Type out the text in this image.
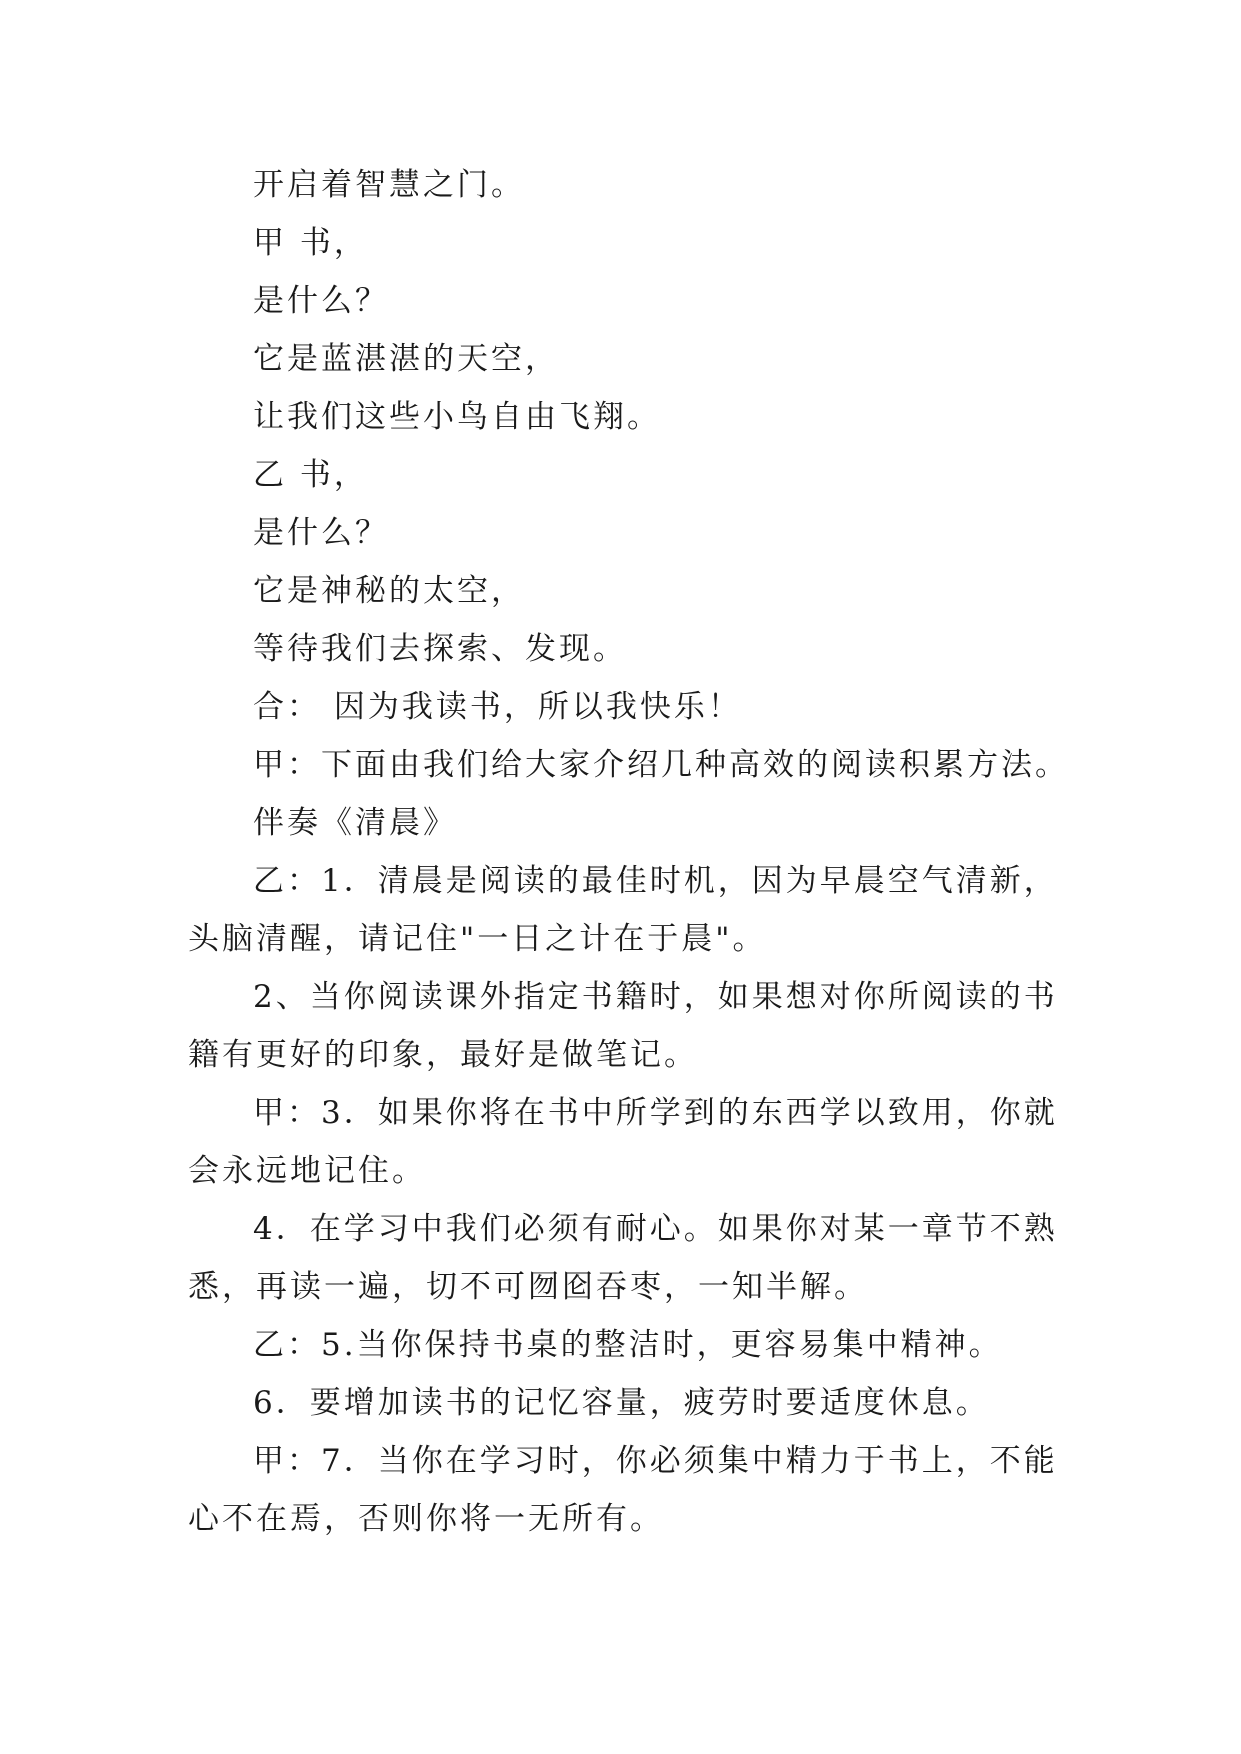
开启着智慧之门。
甲 书，
是什么？
它是蓝湛湛的天空，
让我们这些小鸟自由飞翔。
乙 书，
是什么？
它是神秘的太空，
等待我们去探索、发现。
合： 因为我读书，所以我快乐！
甲：下面由我们给大家介绍几种高效的阅读积累方法。
伴奏《清晨》
乙：1．清晨是阅读的最佳时机，因为早晨空气清新，
头脑清醒，请记住"一日之计在于晨"。
2、当你阅读课外指定书籍时，如果想对你所阅读的书
籍有更好的印象，最好是做笔记。
甲：3．如果你将在书中所学到的东西学以致用，你就
会永远地记住。
4．在学习中我们必须有耐心。如果你对某一章节不熟
悉，再读一遍，切不可囫囵吞枣，一知半解。
乙：5.当你保持书桌的整洁时，更容易集中精神。
6．要增加读书的记忆容量，疲劳时要适度休息。
甲：7．当你在学习时，你必须集中精力于书上，不能
心不在焉，否则你将一无所有。
